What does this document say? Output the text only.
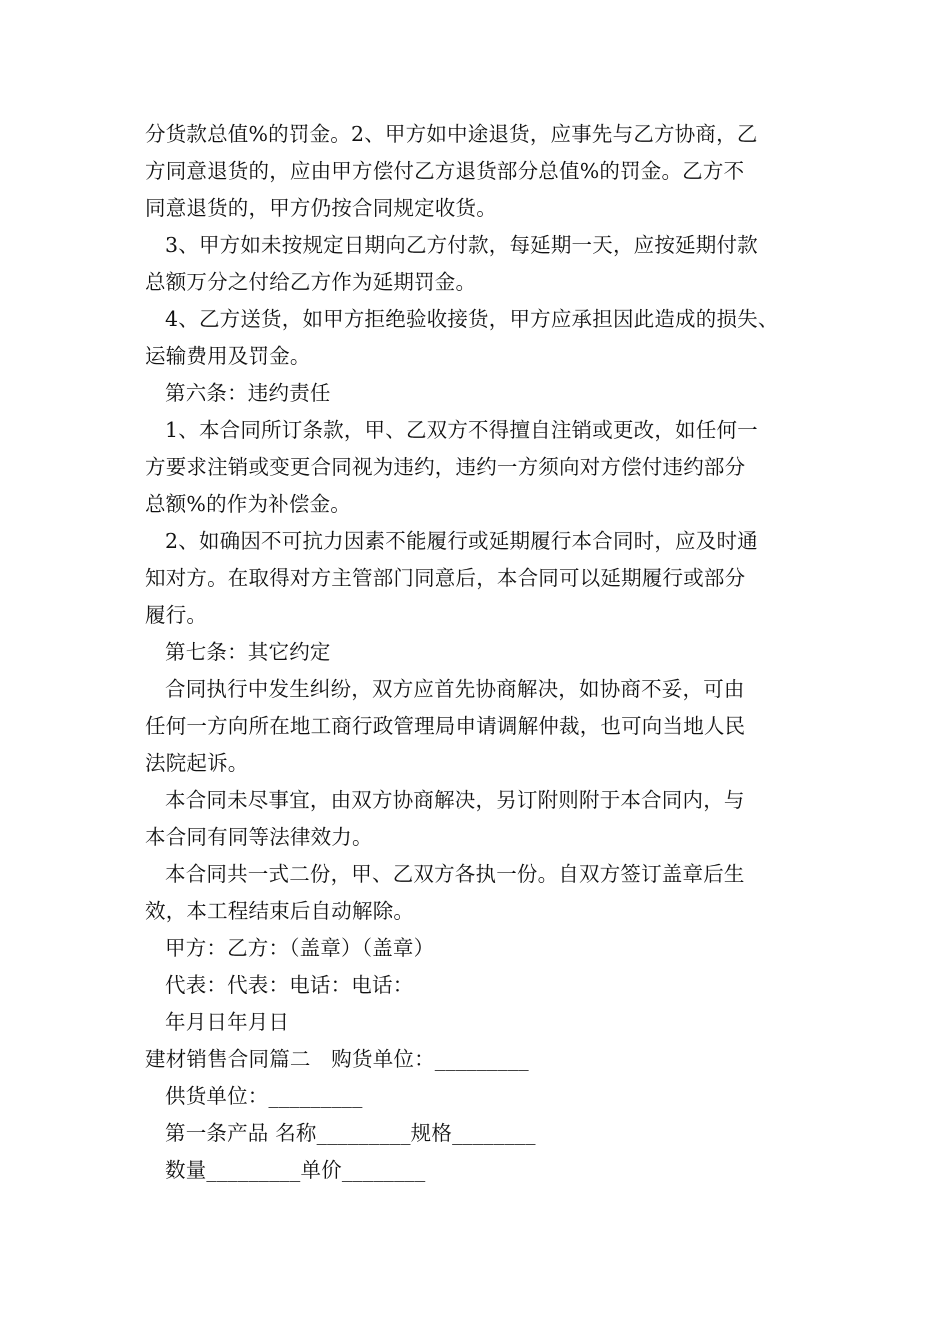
分货款总值%的罚金。2、甲方如中途退货，应事先与乙方协商，乙
方同意退货的，应由甲方偿付乙方退货部分总值%的罚金。乙方不
同意退货的，甲方仍按合同规定收货。
3、甲方如未按规定日期向乙方付款，每延期一天，应按延期付款
总额万分之付给乙方作为延期罚金。
4、乙方送货，如甲方拒绝验收接货，甲方应承担因此造成的损失、
运输费用及罚金。
第六条：违约责任
1、本合同所订条款，甲、乙双方不得擅自注销或更改，如任何一
方要求注销或变更合同视为违约，违约一方须向对方偿付违约部分
总额%的作为补偿金。
2、如确因不可抗力因素不能履行或延期履行本合同时，应及时通
知对方。在取得对方主管部门同意后，本合同可以延期履行或部分
履行。
第七条：其它约定
合同执行中发生纠纷，双方应首先协商解决，如协商不妥，可由
任何一方向所在地工商行政管理局申请调解仲裁，也可向当地人民
法院起诉。
本合同未尽事宜，由双方协商解决，另订附则附于本合同内，与
本合同有同等法律效力。
本合同共一式二份，甲、乙双方各执一份。自双方签订盖章后生
效，本工程结束后自动解除。
甲方：乙方：（盖章）（盖章）
代表：代表：电话：电话：
年月日年月日
建材销售合同篇二　购货单位：_________
供货单位：_________
第一条产品 名称_________规格________
数量_________单价________
